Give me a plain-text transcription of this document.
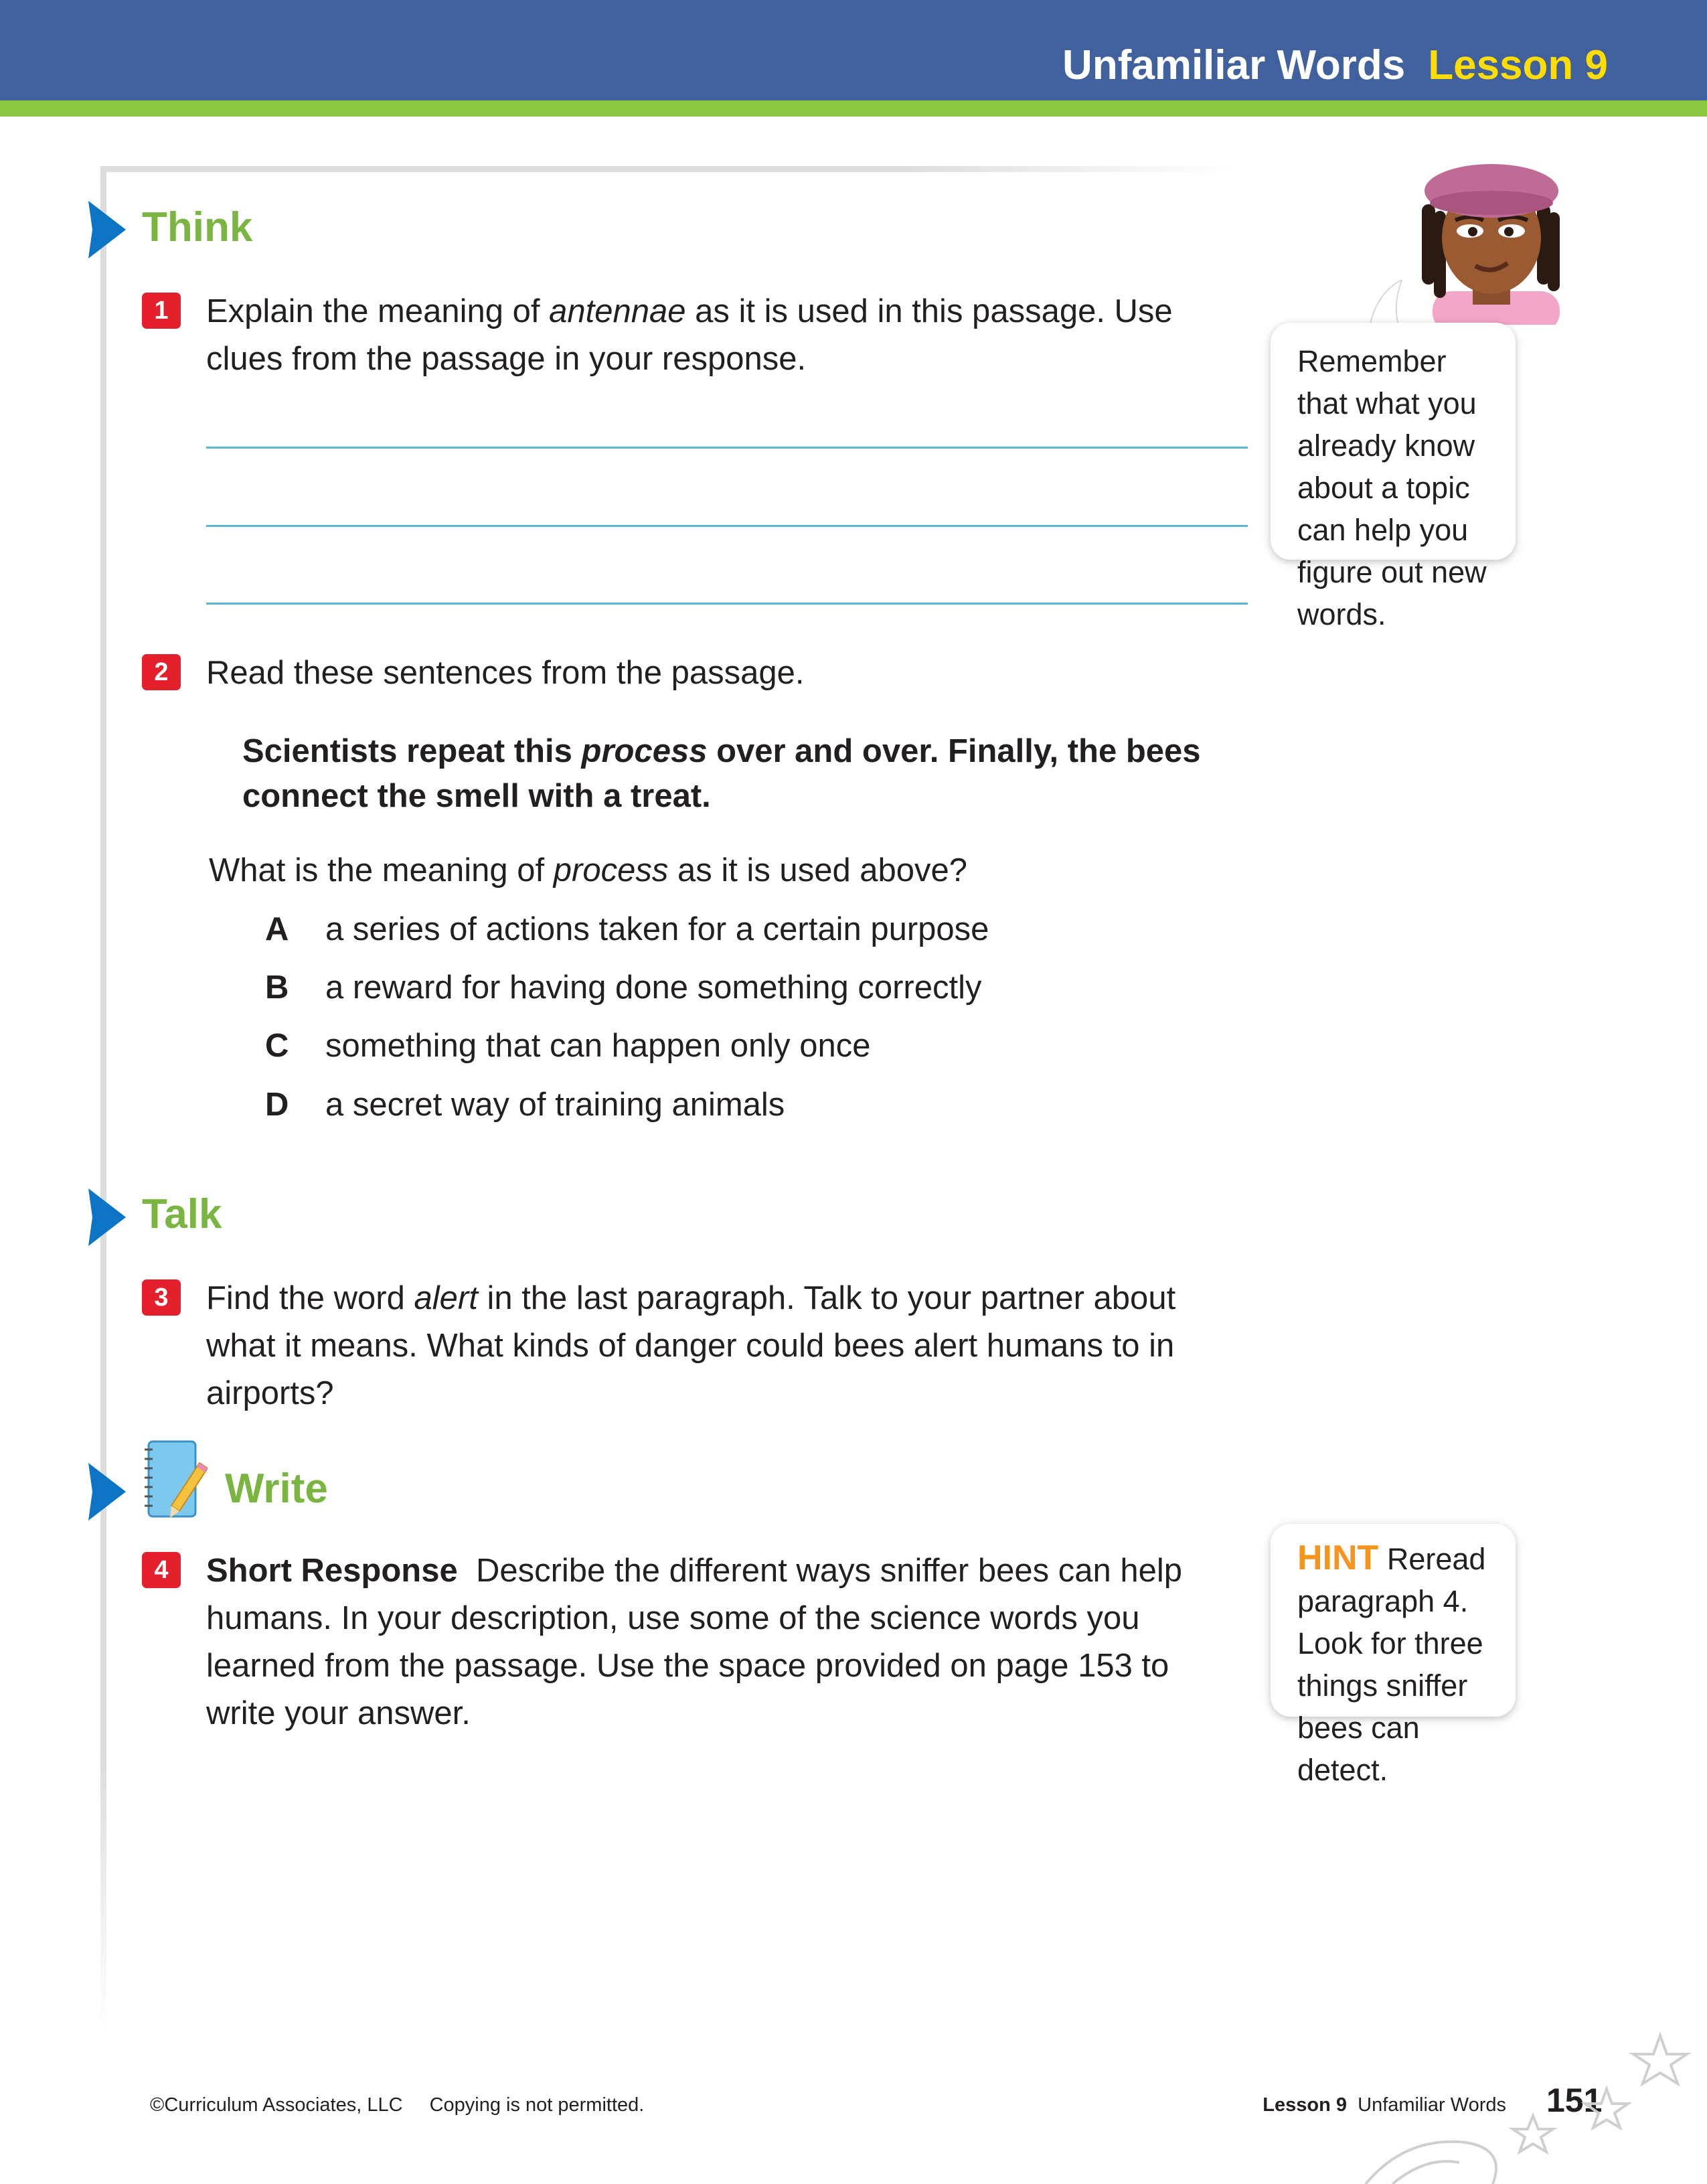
Unfamiliar Words Lesson 9
Think
1	Explain the meaning of antennae as it is used in this passage. Use clues from the passage in your response.
2	Read these sentences from the passage.
Scientists repeat this process over and over. Finally, the bees connect the smell with a treat.
What is the meaning of process as it is used above?
A a series of actions taken for a certain purpose
B a reward for having done something correctly
C something that can happen only once
D a secret way of training animals
Talk
3	Find the word alert in the last paragraph. Talk to your partner about what it means. What kinds of danger could bees alert humans to in airports?
Write
4	Short Response Describe the different ways sniffer bees can help humans. In your description, use some of the science words you learned from the passage. Use the space provided on page 153 to write your answer.
Remember that what you already know about a topic can help you figure out new words.
HINT Reread paragraph 4. Look for three things sniffer bees can detect.
©Curriculum Associates, LLC Copying is not permitted.	Lesson 9 Unfamiliar Words 151
